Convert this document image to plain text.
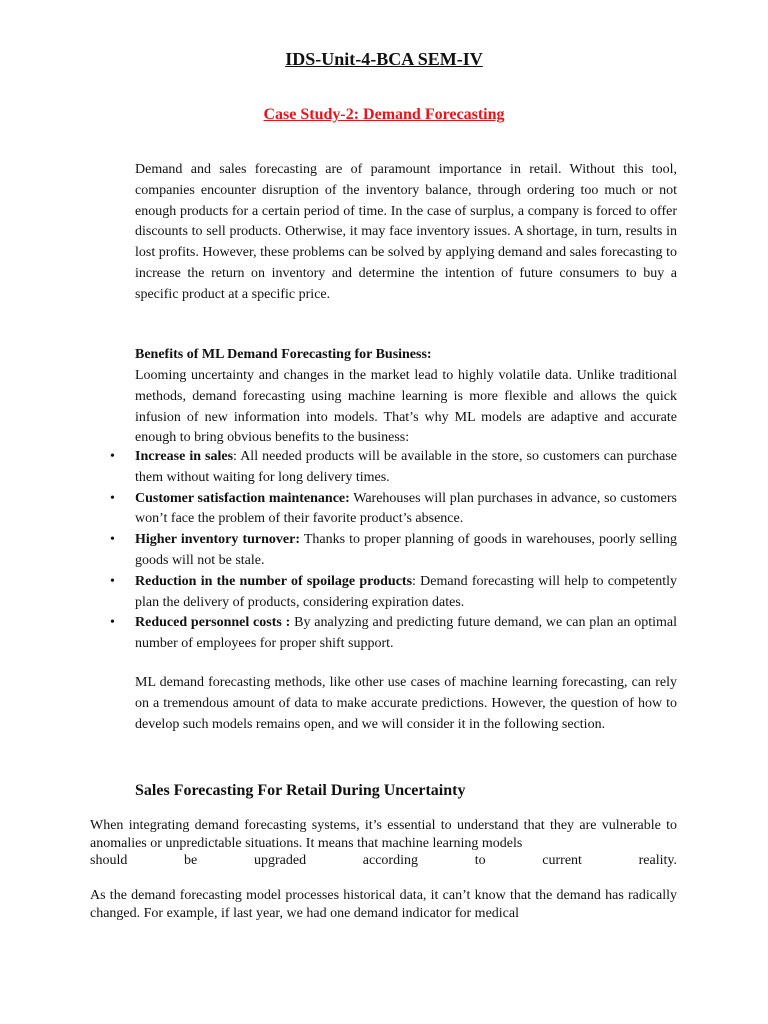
IDS-Unit-4-BCA SEM-IV
Case Study-2: Demand Forecasting
Demand and sales forecasting are of paramount importance in retail. Without this tool, companies encounter disruption of the inventory balance, through ordering too much or not enough products for a certain period of time. In the case of surplus, a company is forced to offer discounts to sell products. Otherwise, it may face inventory issues. A shortage, in turn, results in lost profits. However, these problems can be solved by applying demand and sales forecasting to increase the return on inventory and determine the intention of future consumers to buy a specific product at a specific price.
Benefits of ML Demand Forecasting for Business:
Looming uncertainty and changes in the market lead to highly volatile data. Unlike traditional methods, demand forecasting using machine learning is more flexible and allows the quick infusion of new information into models. That’s why ML models are adaptive and accurate enough to bring obvious benefits to the business:
• Increase in sales: All needed products will be available in the store, so customers can purchase them without waiting for long delivery times.
• Customer satisfaction maintenance: Warehouses will plan purchases in advance, so customers won’t face the problem of their favorite product’s absence.
• Higher inventory turnover: Thanks to proper planning of goods in warehouses, poorly selling goods will not be stale.
• Reduction in the number of spoilage products: Demand forecasting will help to competently plan the delivery of products, considering expiration dates.
• Reduced personnel costs : By analyzing and predicting future demand, we can plan an optimal number of employees for proper shift support.
ML demand forecasting methods, like other use cases of machine learning forecasting, can rely on a tremendous amount of data to make accurate predictions. However, the question of how to develop such models remains open, and we will consider it in the following section.
Sales Forecasting For Retail During Uncertainty
When integrating demand forecasting systems, it’s essential to understand that they are vulnerable to anomalies or unpredictable situations. It means that machine learning models
should be upgraded according to current reality.
As the demand forecasting model processes historical data, it can’t know that the demand has radically changed. For example, if last year, we had one demand indicator for medical
